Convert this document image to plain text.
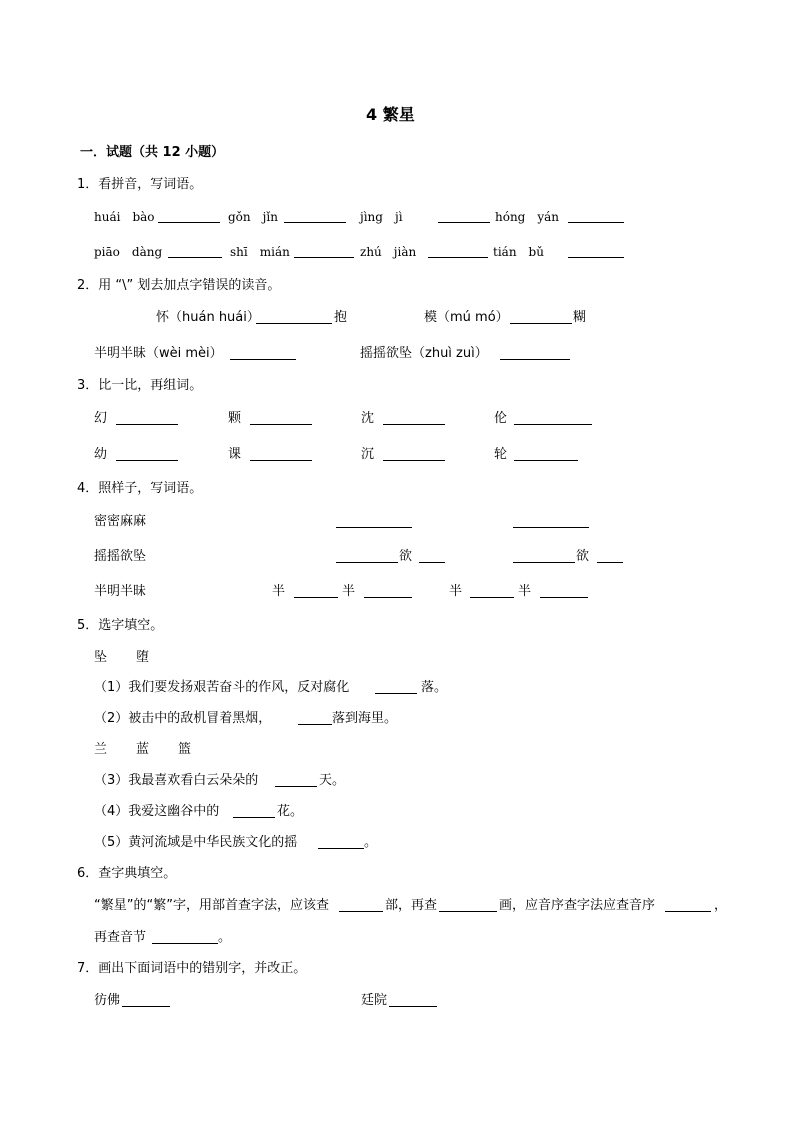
4 繁星
一．试题（共 12 小题）
1．看拼音，写词语。
huái　bào	gǒn　jǐn	jìng　jì	hóng　yán
piāo　dàng	shī　mián	zhú　jiàn	tián　bǔ
2．用 “\” 划去加点字错误的读音。
怀（huán huái）	抱	模（mú mó）	糊
半明半昧（wèi mèi）	摇摇欲坠（zhuì zuì）
3．比一比，再组词。
幻	颗	沈	伦
幼	课	沉	轮
4．照样子，写词语。
密密麻麻
摇摇欲坠	欲	欲
半明半昧	半	半	半	半
5．选字填空。
坠 堕
（1）我们要发扬艰苦奋斗的作风，反对腐化	落。
（2）被击中的敌机冒着黑烟，	落到海里。
兰 蓝 篮
（3）我最喜欢看白云朵朵的	天。
（4）我爱这幽谷中的	花。
（5）黄河流域是中华民族文化的摇	。
6．查字典填空。
“繁星”的“繁”字，用部首查字法，应该查	部，再查	画，应音序查字法应查音序	，
再查音节	。
7．画出下面词语中的错别字，并改正。
彷佛	廷院
